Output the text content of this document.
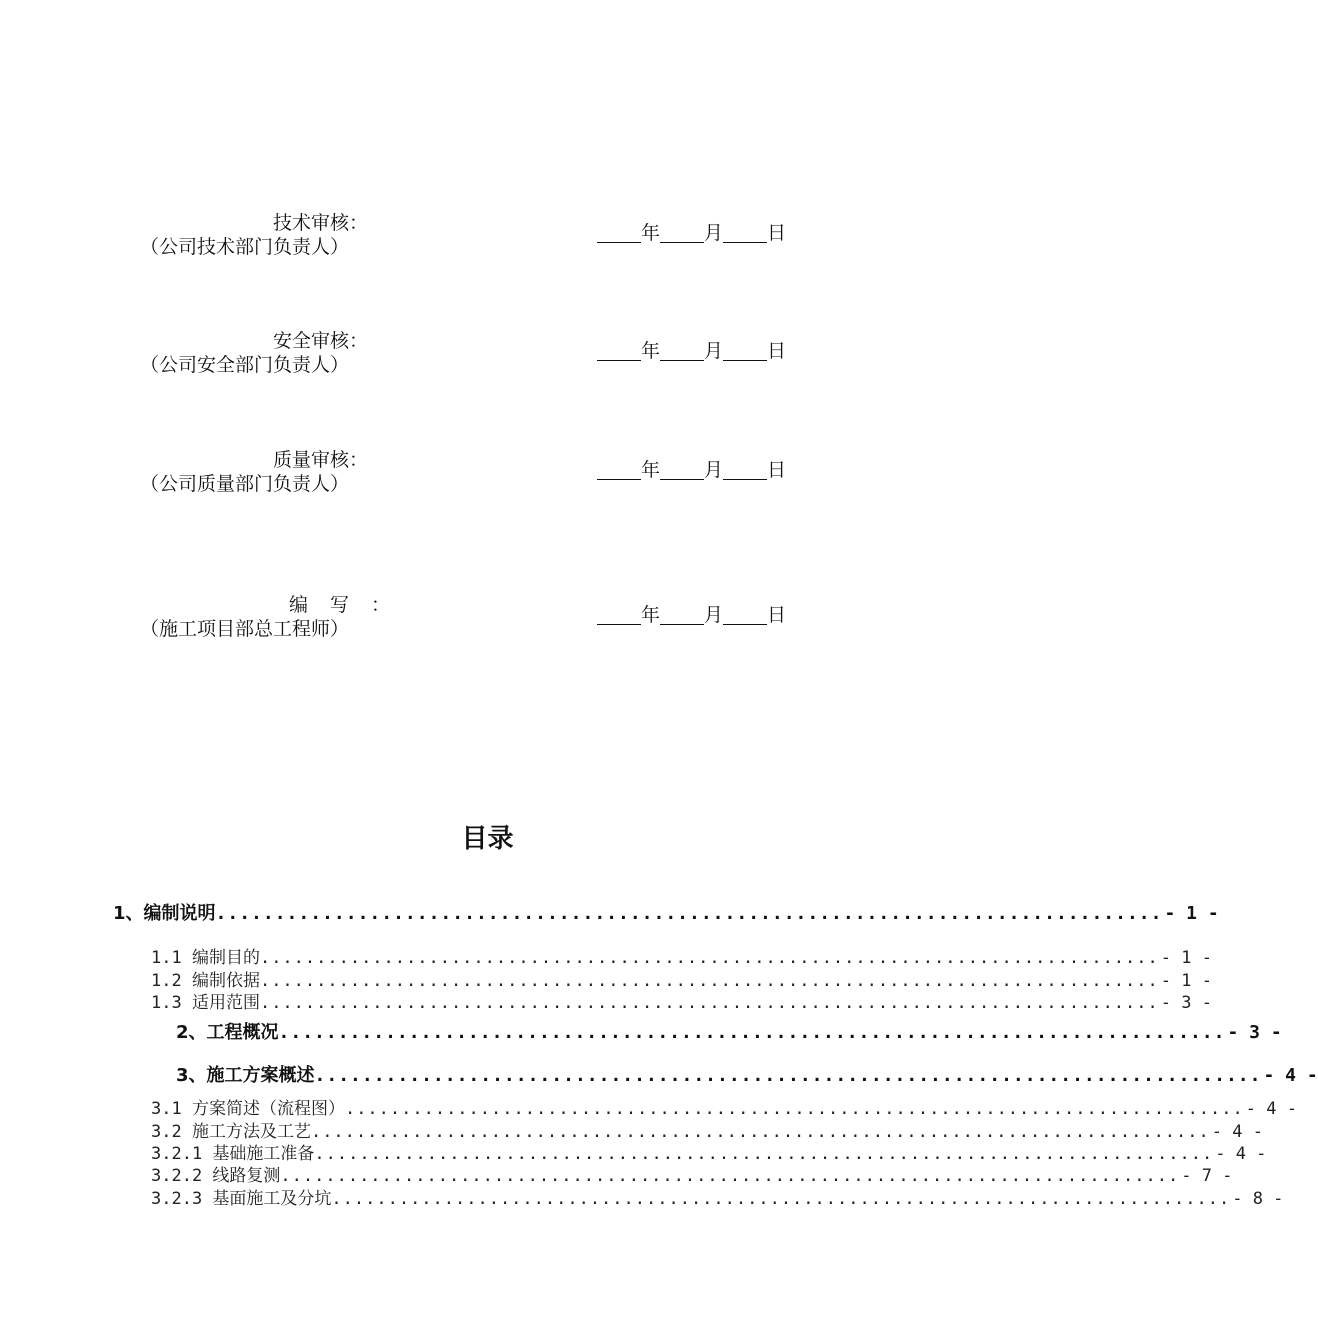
技术审核：
（公司技术部门负责人）
年 月 日
安全审核：
（公司安全部门负责人）
年 月 日
质量审核：
（公司质量部门负责人）
年 月 日
编写：
（施工项目部总工程师）
年 月 日
目录
1、编制说明 ................................................................................ - 1 -
1.1 编制目的 ................................................................................ - 1 -
1.2 编制依据 ................................................................................ - 1 -
1.3 适用范围 ................................................................................ - 3 -
2、工程概况 ................................................................................ - 3 -
3、施工方案概述 ................................................................................ - 4 -
3.1 方案简述（流程图） ................................................................................ - 4 -
3.2 施工方法及工艺 ................................................................................ - 4 -
3.2.1 基础施工准备 ................................................................................ - 4 -
3.2.2 线路复测 ................................................................................ - 7 -
3.2.3 基面施工及分坑 ................................................................................ - 8 -
